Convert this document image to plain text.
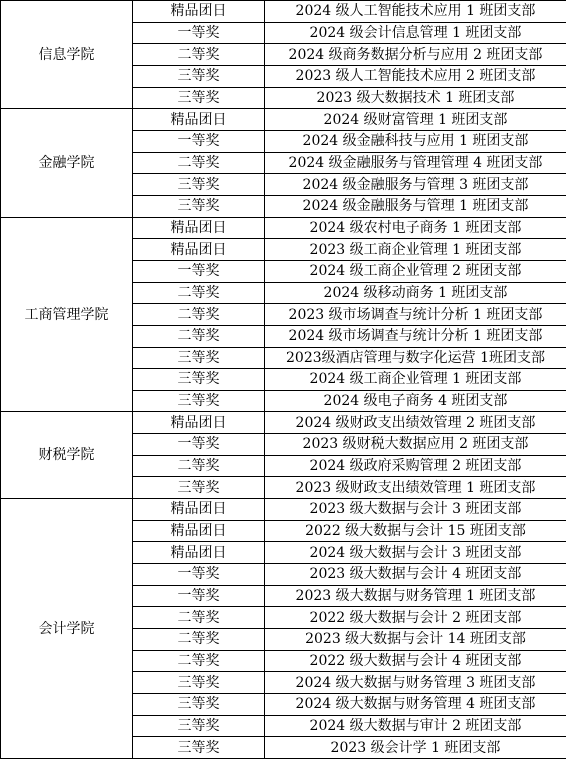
信息学院	精品团日	2024 级人工智能技术应用 1 班团支部
	一等奖	2024 级会计信息管理 1 班团支部
	二等奖	2024 级商务数据分析与应用 2 班团支部
	三等奖	2023 级人工智能技术应用 2 班团支部
	三等奖	2023 级大数据技术 1 班团支部
金融学院	精品团日	2024 级财富管理 1 班团支部
	一等奖	2024 级金融科技与应用 1 班团支部
	二等奖	2024 级金融服务与管理管理 4 班团支部
	三等奖	2024 级金融服务与管理 3 班团支部
	三等奖	2024 级金融服务与管理 1 班团支部
工商管理学院	精品团日	2024 级农村电子商务 1 班团支部
	精品团日	2023 级工商企业管理 1 班团支部
	一等奖	2024 级工商企业管理 2 班团支部
	二等奖	2024 级移动商务 1 班团支部
	二等奖	2023 级市场调查与统计分析 1 班团支部
	二等奖	2024 级市场调查与统计分析 1 班团支部
	三等奖	2023级酒店管理与数字化运营 1班团支部
	三等奖	2024 级工商企业管理 1 班团支部
	三等奖	2024 级电子商务 4 班团支部
财税学院	精品团日	2024 级财政支出绩效管理 2 班团支部
	一等奖	2023 级财税大数据应用 2 班团支部
	二等奖	2024 级政府采购管理 2 班团支部
	三等奖	2023 级财政支出绩效管理 1 班团支部
会计学院	精品团日	2023 级大数据与会计 3 班团支部
	精品团日	2022 级大数据与会计 15 班团支部
	精品团日	2024 级大数据与会计 3 班团支部
	一等奖	2023 级大数据与会计 4 班团支部
	一等奖	2023 级大数据与财务管理 1 班团支部
	二等奖	2022 级大数据与会计 2 班团支部
	二等奖	2023 级大数据与会计 14 班团支部
	二等奖	2022 级大数据与会计 4 班团支部
	三等奖	2024 级大数据与财务管理 3 班团支部
	三等奖	2024 级大数据与财务管理 4 班团支部
	三等奖	2024 级大数据与审计 2 班团支部
	三等奖	2023 级会计学 1 班团支部
